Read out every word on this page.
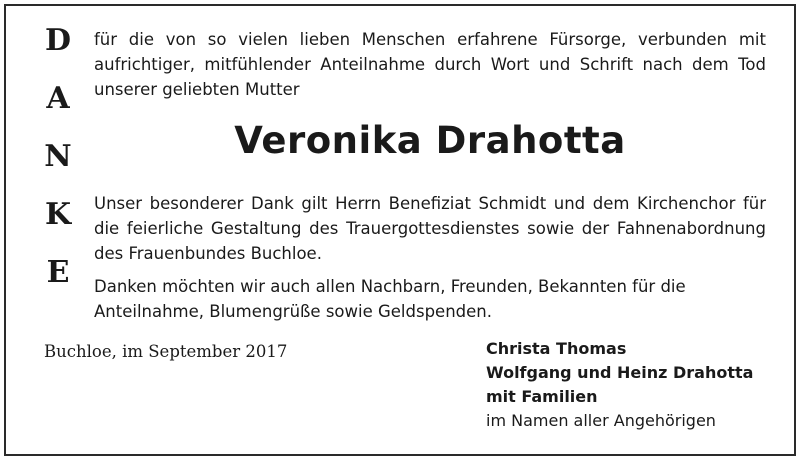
D
A
N
K
E
für die von so vielen lieben Menschen erfahrene Fürsorge, verbunden mit aufrichtiger, mitfühlender Anteilnahme durch Wort und Schrift nach dem Tod unserer geliebten Mutter
Veronika Drahotta
Unser besonderer Dank gilt Herrn Benefiziat Schmidt und dem Kirchenchor für die feierliche Gestaltung des Trauergottesdienstes sowie der Fahnenabordnung des Frauenbundes Buchloe.
Danken möchten wir auch allen Nachbarn, Freunden, Bekannten für die Anteilnahme, Blumengrüße sowie Geldspenden.
Buchloe, im September 2017	Christa Thomas
Wolfgang und Heinz Drahotta
mit Familien
im Namen aller Angehörigen
